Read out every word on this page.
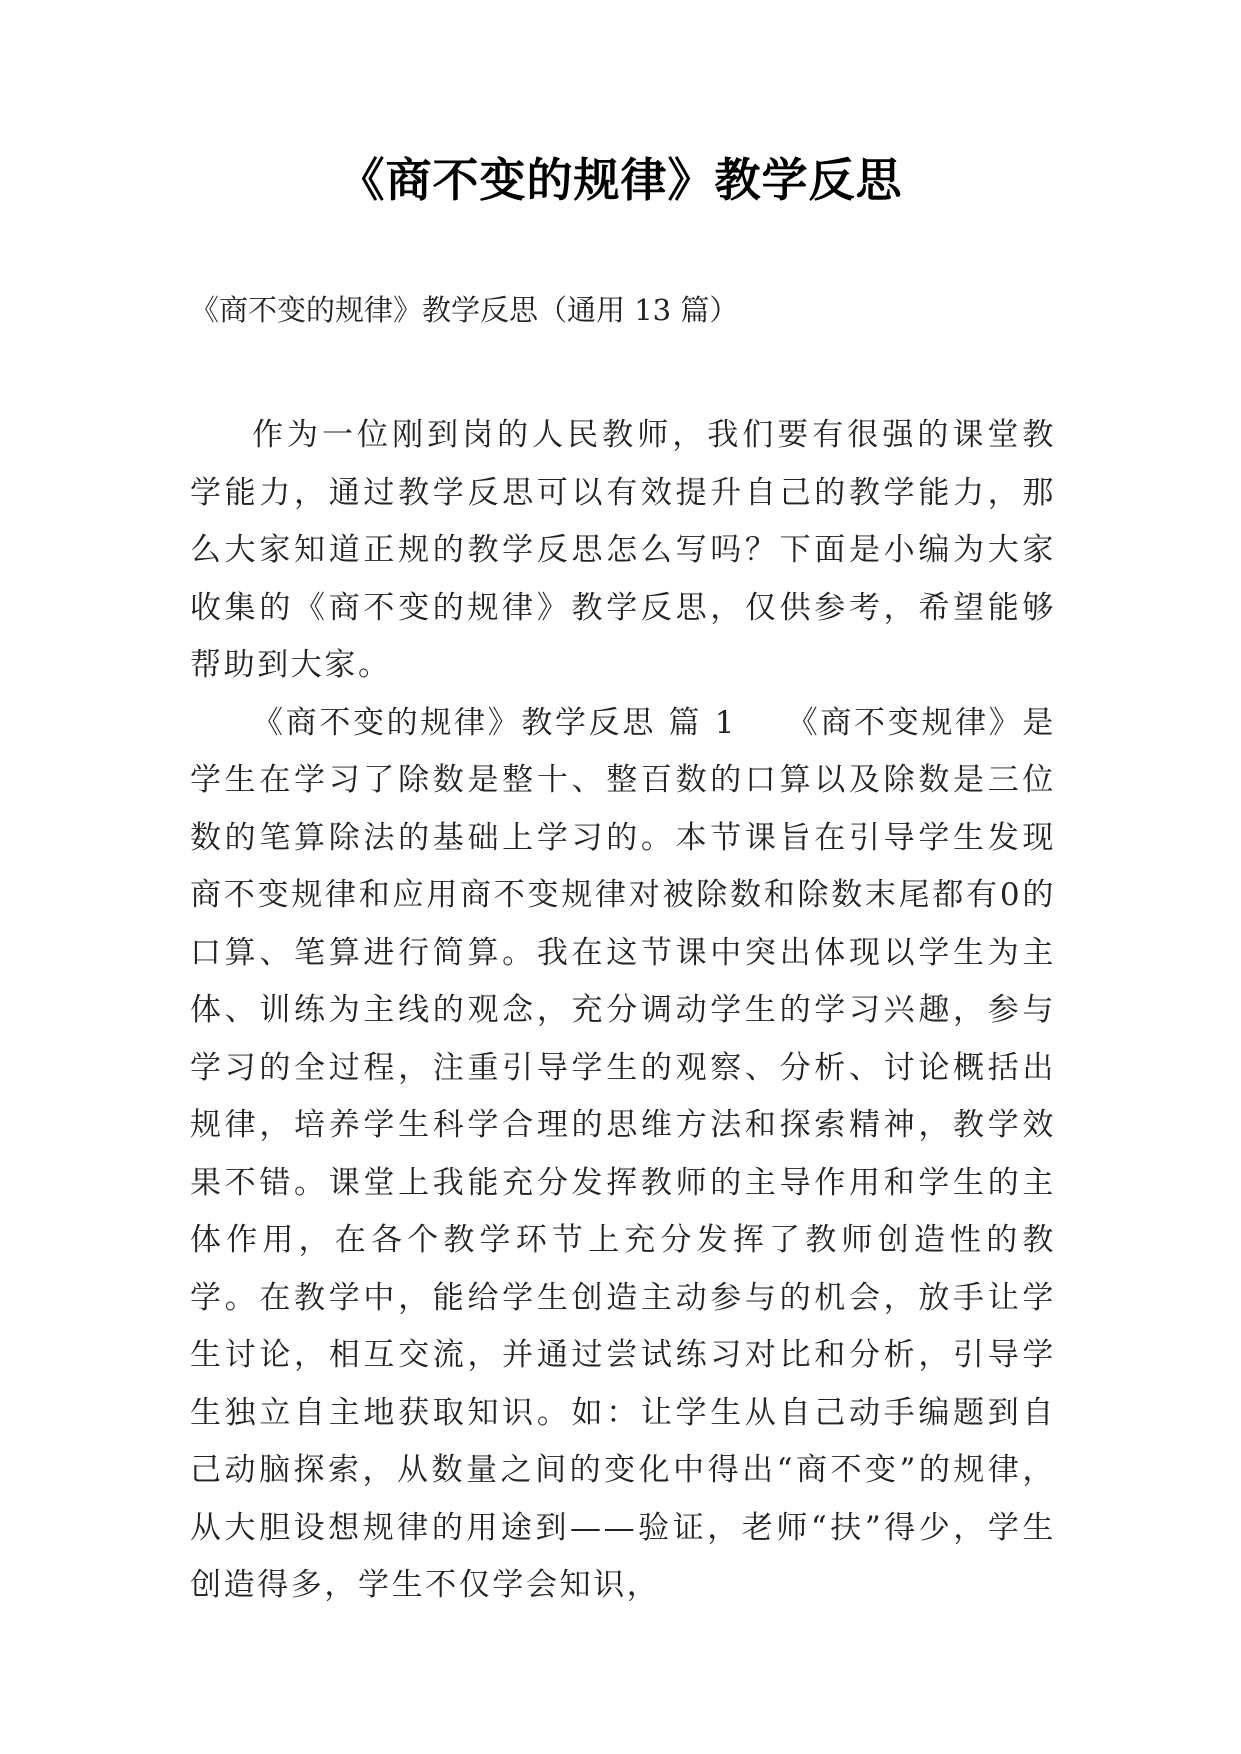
《商不变的规律》教学反思
《商不变的规律》教学反思（通用 13 篇）

作为一位刚到岗的人民教师，我们要有很强的课堂教学能力，通过教学反思可以有效提升自己的教学能力，那么大家知道正规的教学反思怎么写吗？下面是小编为大家收集的《商不变的规律》教学反思，仅供参考，希望能够帮助到大家。

《商不变的规律》教学反思 篇 1 《商不变规律》是学生在学习了除数是整十、整百数的口算以及除数是三位数的笔算除法的基础上学习的。本节课旨在引导学生发现商不变规律和应用商不变规律对被除数和除数末尾都有0的口算、笔算进行简算。我在这节课中突出体现以学生为主体、训练为主线的观念，充分调动学生的学习兴趣，参与学习的全过程，注重引导学生的观察、分析、讨论概括出规律，培养学生科学合理的思维方法和探索精神，教学效果不错。课堂上我能充分发挥教师的主导作用和学生的主体作用，在各个教学环节上充分发挥了教师创造性的教学。在教学中，能给学生创造主动参与的机会，放手让学生讨论，相互交流，并通过尝试练习对比和分析，引导学生独立自主地获取知识。如：让学生从自己动手编题到自己动脑探索，从数量之间的变化中得出“商不变”的规律，从大胆设想规律的用途到——验证，老师“扶”得少，学生创造得多，学生不仅学会知识，
